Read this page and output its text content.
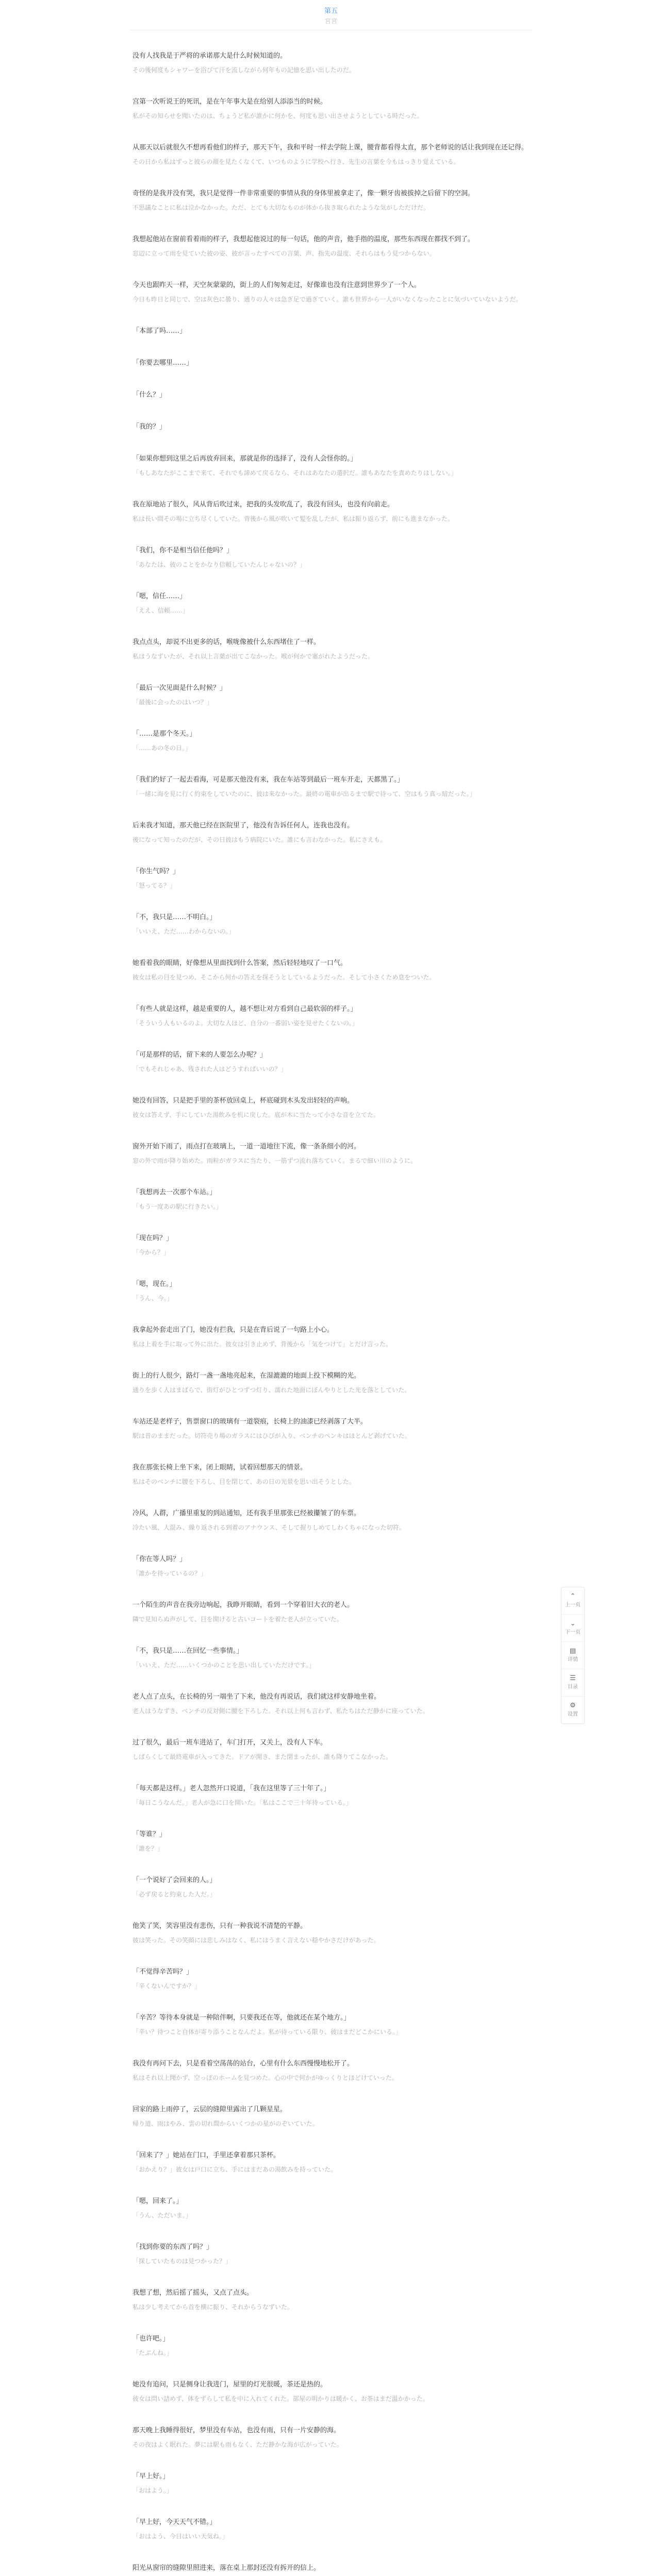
第五
宮宮

没有人找我是于严将的承诺那大是什么时候知道的。

その後何度もシャワーを浴びて汗を流しながら何年もの記憶を思い出したのだ。

宫第一次听说王的死讯，是在午年事大是在给别人添添当的时候。

私がその知らせを聞いたのは、ちょうど私が誰かに何かを、何度も思い出させようとしている時だった。

从那天以后就很久不想再看他们的样子，那天下午，我和平时一样去学院上课，腰背都看得太直，那个老师说的话让我到现在还记得。

その日から私はずっと彼らの顔を見たくなくて、いつものように学校へ行き、先生の言葉を今もはっきり覚えている。

奇怪的是我并没有哭，我只是觉得一件非常重要的事情从我的身体里被拿走了，像一颗牙齿被拔掉之后留下的空洞。

不思議なことに私は泣かなかった。ただ、とても大切なものが体から抜き取られたような気がしただけだ。

我想起他站在窗前看着雨的样子，我想起他说过的每一句话，他的声音，他手指的温度，那些东西现在都找不到了。

窓辺に立って雨を見ていた彼の姿、彼が言ったすべての言葉、声、指先の温度、それらはもう見つからない。

今天也跟昨天一样，天空灰蒙蒙的，街上的人们匆匆走过，好像谁也没有注意到世界少了一个人。

今日も昨日と同じで、空は灰色に曇り、通りの人々は急ぎ足で過ぎていく。誰も世界から一人がいなくなったことに気づいていないようだ。

「本部了吗……」

「你要去哪里……」

「什么？」

「我的？」

「如果你想到这里之后再放弃回来，那就是你的选择了，没有人会怪你的。」

「もしあなたがここまで来て、それでも諦めて戻るなら、それはあなたの選択だ。誰もあなたを責めたりはしない。」

我在原地站了很久，风从背后吹过来，把我的头发吹乱了，我没有回头，也没有向前走。

私は長い間その場に立ち尽くしていた。背後から風が吹いて髪を乱したが、私は振り返らず、前にも進まなかった。

「我们，你不是相当信任他吗？」

「あなたは、彼のことをかなり信頼していたんじゃないの？」

「嗯，信任……」

「ええ、信頼……」

我点点头，却说不出更多的话，喉咙像被什么东西堵住了一样。

私はうなずいたが、それ以上言葉が出てこなかった。喉が何かで塞がれたようだった。

「最后一次见面是什么时候？」

「最後に会ったのはいつ？」

「……是那个冬天。」

「……あの冬の日。」

「我们约好了一起去看海，可是那天他没有来，我在车站等到最后一班车开走，天都黑了。」

「一緒に海を見に行く約束をしていたのに、彼は来なかった。最終の電車が出るまで駅で待って、空はもう真っ暗だった。」

后来我才知道，那天他已经在医院里了，他没有告诉任何人，连我也没有。

後になって知ったのだが、その日彼はもう病院にいた。誰にも言わなかった。私にさえも。

「你生气吗？」

「怒ってる？」

「不，我只是……不明白。」

「いいえ、ただ……わからないの。」

她看着我的眼睛，好像想从里面找到什么答案，然后轻轻地叹了一口气。

彼女は私の目を見つめ、そこから何かの答えを探そうとしているようだった。そして小さくため息をついた。

「有些人就是这样，越是重要的人，越不想让对方看到自己最软弱的样子。」

「そういう人もいるのよ。大切な人ほど、自分の一番弱い姿を見せたくないの。」

「可是那样的话，留下来的人要怎么办呢？」

「でもそれじゃあ、残された人はどうすればいいの？」

她没有回答，只是把手里的茶杯放回桌上，杯底碰到木头发出轻轻的声响。

彼女は答えず、手にしていた湯飲みを机に戻した。底が木に当たって小さな音を立てた。

窗外开始下雨了，雨点打在玻璃上，一道一道地往下流，像一条条细小的河。

窓の外で雨が降り始めた。雨粒がガラスに当たり、一筋ずつ流れ落ちていく。まるで細い川のように。

「我想再去一次那个车站。」

「もう一度あの駅に行きたい。」

「现在吗？」

「今から？」

「嗯，现在。」

「うん、今。」

我拿起外套走出了门，她没有拦我，只是在背后说了一句路上小心。

私は上着を手に取って外に出た。彼女は引き止めず、背後から「気をつけて」とだけ言った。

街上的行人很少，路灯一盏一盏地亮起来，在湿漉漉的地面上投下模糊的光。

通りを歩く人はまばらで、街灯がひとつずつ灯り、濡れた地面にぼんやりとした光を落としていた。

车站还是老样子，售票窗口的玻璃有一道裂痕，长椅上的油漆已经剥落了大半。

駅は昔のままだった。切符売り場のガラスにはひびが入り、ベンチのペンキはほとんど剥げていた。

我在那张长椅上坐下来，闭上眼睛，试着回想那天的情景。

私はそのベンチに腰を下ろし、目を閉じて、あの日の光景を思い出そうとした。

冷风，人群，广播里重复的到站通知，还有我手里那张已经被攥皱了的车票。

冷たい風、人混み、繰り返される到着のアナウンス、そして握りしめてしわくちゃになった切符。

「你在等人吗？」

「誰かを待っているの？」

一个陌生的声音在我旁边响起，我睁开眼睛，看到一个穿着旧大衣的老人。

隣で見知らぬ声がして、目を開けると古いコートを着た老人が立っていた。

「不，我只是……在回忆一些事情。」

「いいえ、ただ……いくつかのことを思い出していただけです。」

老人点了点头，在长椅的另一端坐了下来，他没有再说话，我们就这样安静地坐着。

老人はうなずき、ベンチの反対側に腰を下ろした。それ以上何も言わず、私たちはただ静かに座っていた。

过了很久，最后一班车进站了，车门打开，又关上，没有人下车。

しばらくして最終電車が入ってきた。ドアが開き、また閉まったが、誰も降りてこなかった。

「每天都是这样。」老人忽然开口说道，「我在这里等了三十年了。」

「毎日こうなんだ。」老人が急に口を開いた。「私はここで三十年待っている。」

「等谁？」

「誰を？」

「一个说好了会回来的人。」

「必ず戻ると約束した人だ。」

他笑了笑，笑容里没有悲伤，只有一种我说不清楚的平静。

彼は笑った。その笑顔には悲しみはなく、私にはうまく言えない穏やかさだけがあった。

「不觉得辛苦吗？」

「辛くないんですか？」

「辛苦？等待本身就是一种陪伴啊，只要我还在等，他就还在某个地方。」

「辛い？待つこと自体が寄り添うことなんだよ。私が待っている限り、彼はまだどこかにいる。」

我没有再问下去，只是看着空荡荡的站台，心里有什么东西慢慢地松开了。

私はそれ以上聞かず、空っぽのホームを見つめた。心の中で何かがゆっくりとほどけていった。

回家的路上雨停了，云层的缝隙里露出了几颗星星。

帰り道、雨はやみ、雲の切れ間からいくつかの星がのぞいていた。

「回来了？」她站在门口，手里还拿着那只茶杯。

「おかえり？」彼女は戸口に立ち、手にはまだあの湯飲みを持っていた。

「嗯，回来了。」

「うん、ただいま。」

「找到你要的东西了吗？」

「探していたものは見つかった？」

我想了想，然后摇了摇头，又点了点头。

私は少し考えてから首を横に振り、それからうなずいた。

「也许吧。」

「たぶんね。」

她没有追问，只是侧身让我进门，屋里的灯光很暖，茶还是热的。

彼女は問い詰めず、体をずらして私を中に入れてくれた。部屋の明かりは暖かく、お茶はまだ温かかった。

那天晚上我睡得很好，梦里没有车站，也没有雨，只有一片安静的海。

その夜はよく眠れた。夢には駅も雨もなく、ただ静かな海が広がっていた。

「早上好。」

「おはよう。」

「早上好，今天天气不错。」

「おはよう、今日はいい天気ね。」

阳光从窗帘的缝隙里照进来，落在桌上那封还没有拆开的信上。

⌃
上一页
⌄
下一页
▤
详情
☰
目录
⚙
设置
